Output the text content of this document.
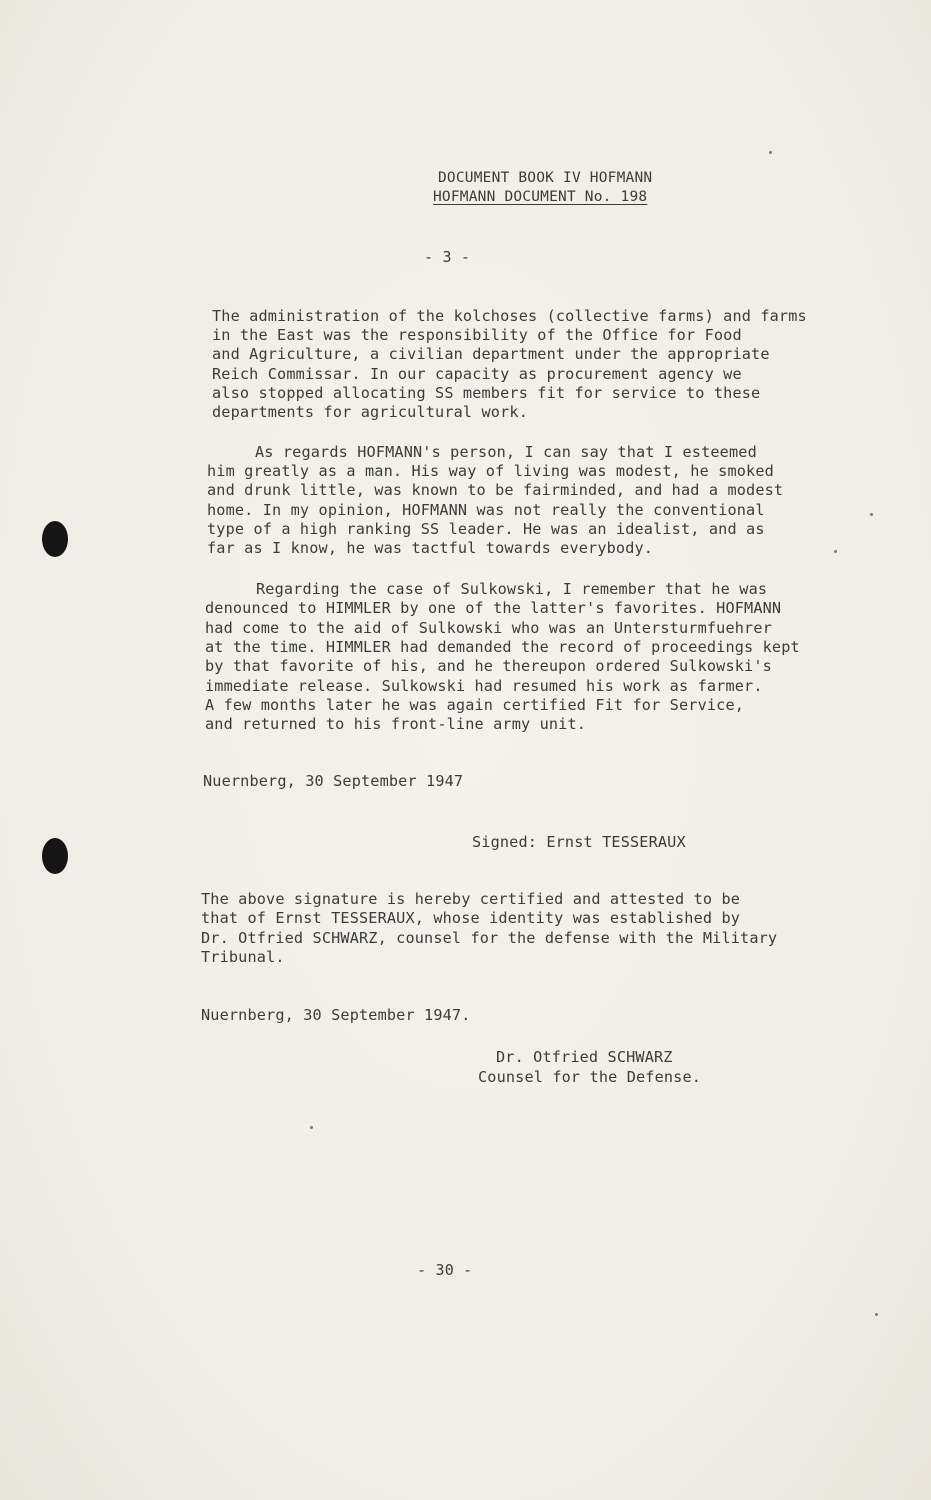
DOCUMENT BOOK IV HOFMANN
HOFMANN DOCUMENT No. 198
- 3 -
The administration of the kolchoses (collective farms) and farms
in the East was the responsibility of the Office for Food
and Agriculture, a civilian department under the appropriate
Reich Commissar. In our capacity as procurement agency we
also stopped allocating SS members fit for service to these
departments for agricultural work.
As regards HOFMANN's person, I can say that I esteemed
him greatly as a man. His way of living was modest, he smoked
and drunk little, was known to be fairminded, and had a modest
home. In my opinion, HOFMANN was not really the conventional
type of a high ranking SS leader. He was an idealist, and as
far as I know, he was tactful towards everybody.
Regarding the case of Sulkowski, I remember that he was
denounced to HIMMLER by one of the latter's favorites. HOFMANN
had come to the aid of Sulkowski who was an Untersturmfuehrer
at the time. HIMMLER had demanded the record of proceedings kept
by that favorite of his, and he thereupon ordered Sulkowski's
immediate release. Sulkowski had resumed his work as farmer.
A few months later he was again certified Fit for Service,
and returned to his front-line army unit.
Nuernberg, 30 September 1947
Signed: Ernst TESSERAUX
The above signature is hereby certified and attested to be
that of Ernst TESSERAUX, whose identity was established by
Dr. Otfried SCHWARZ, counsel for the defense with the Military
Tribunal.
Nuernberg, 30 September 1947.
Dr. Otfried SCHWARZ
Counsel for the Defense.
- 30 -
